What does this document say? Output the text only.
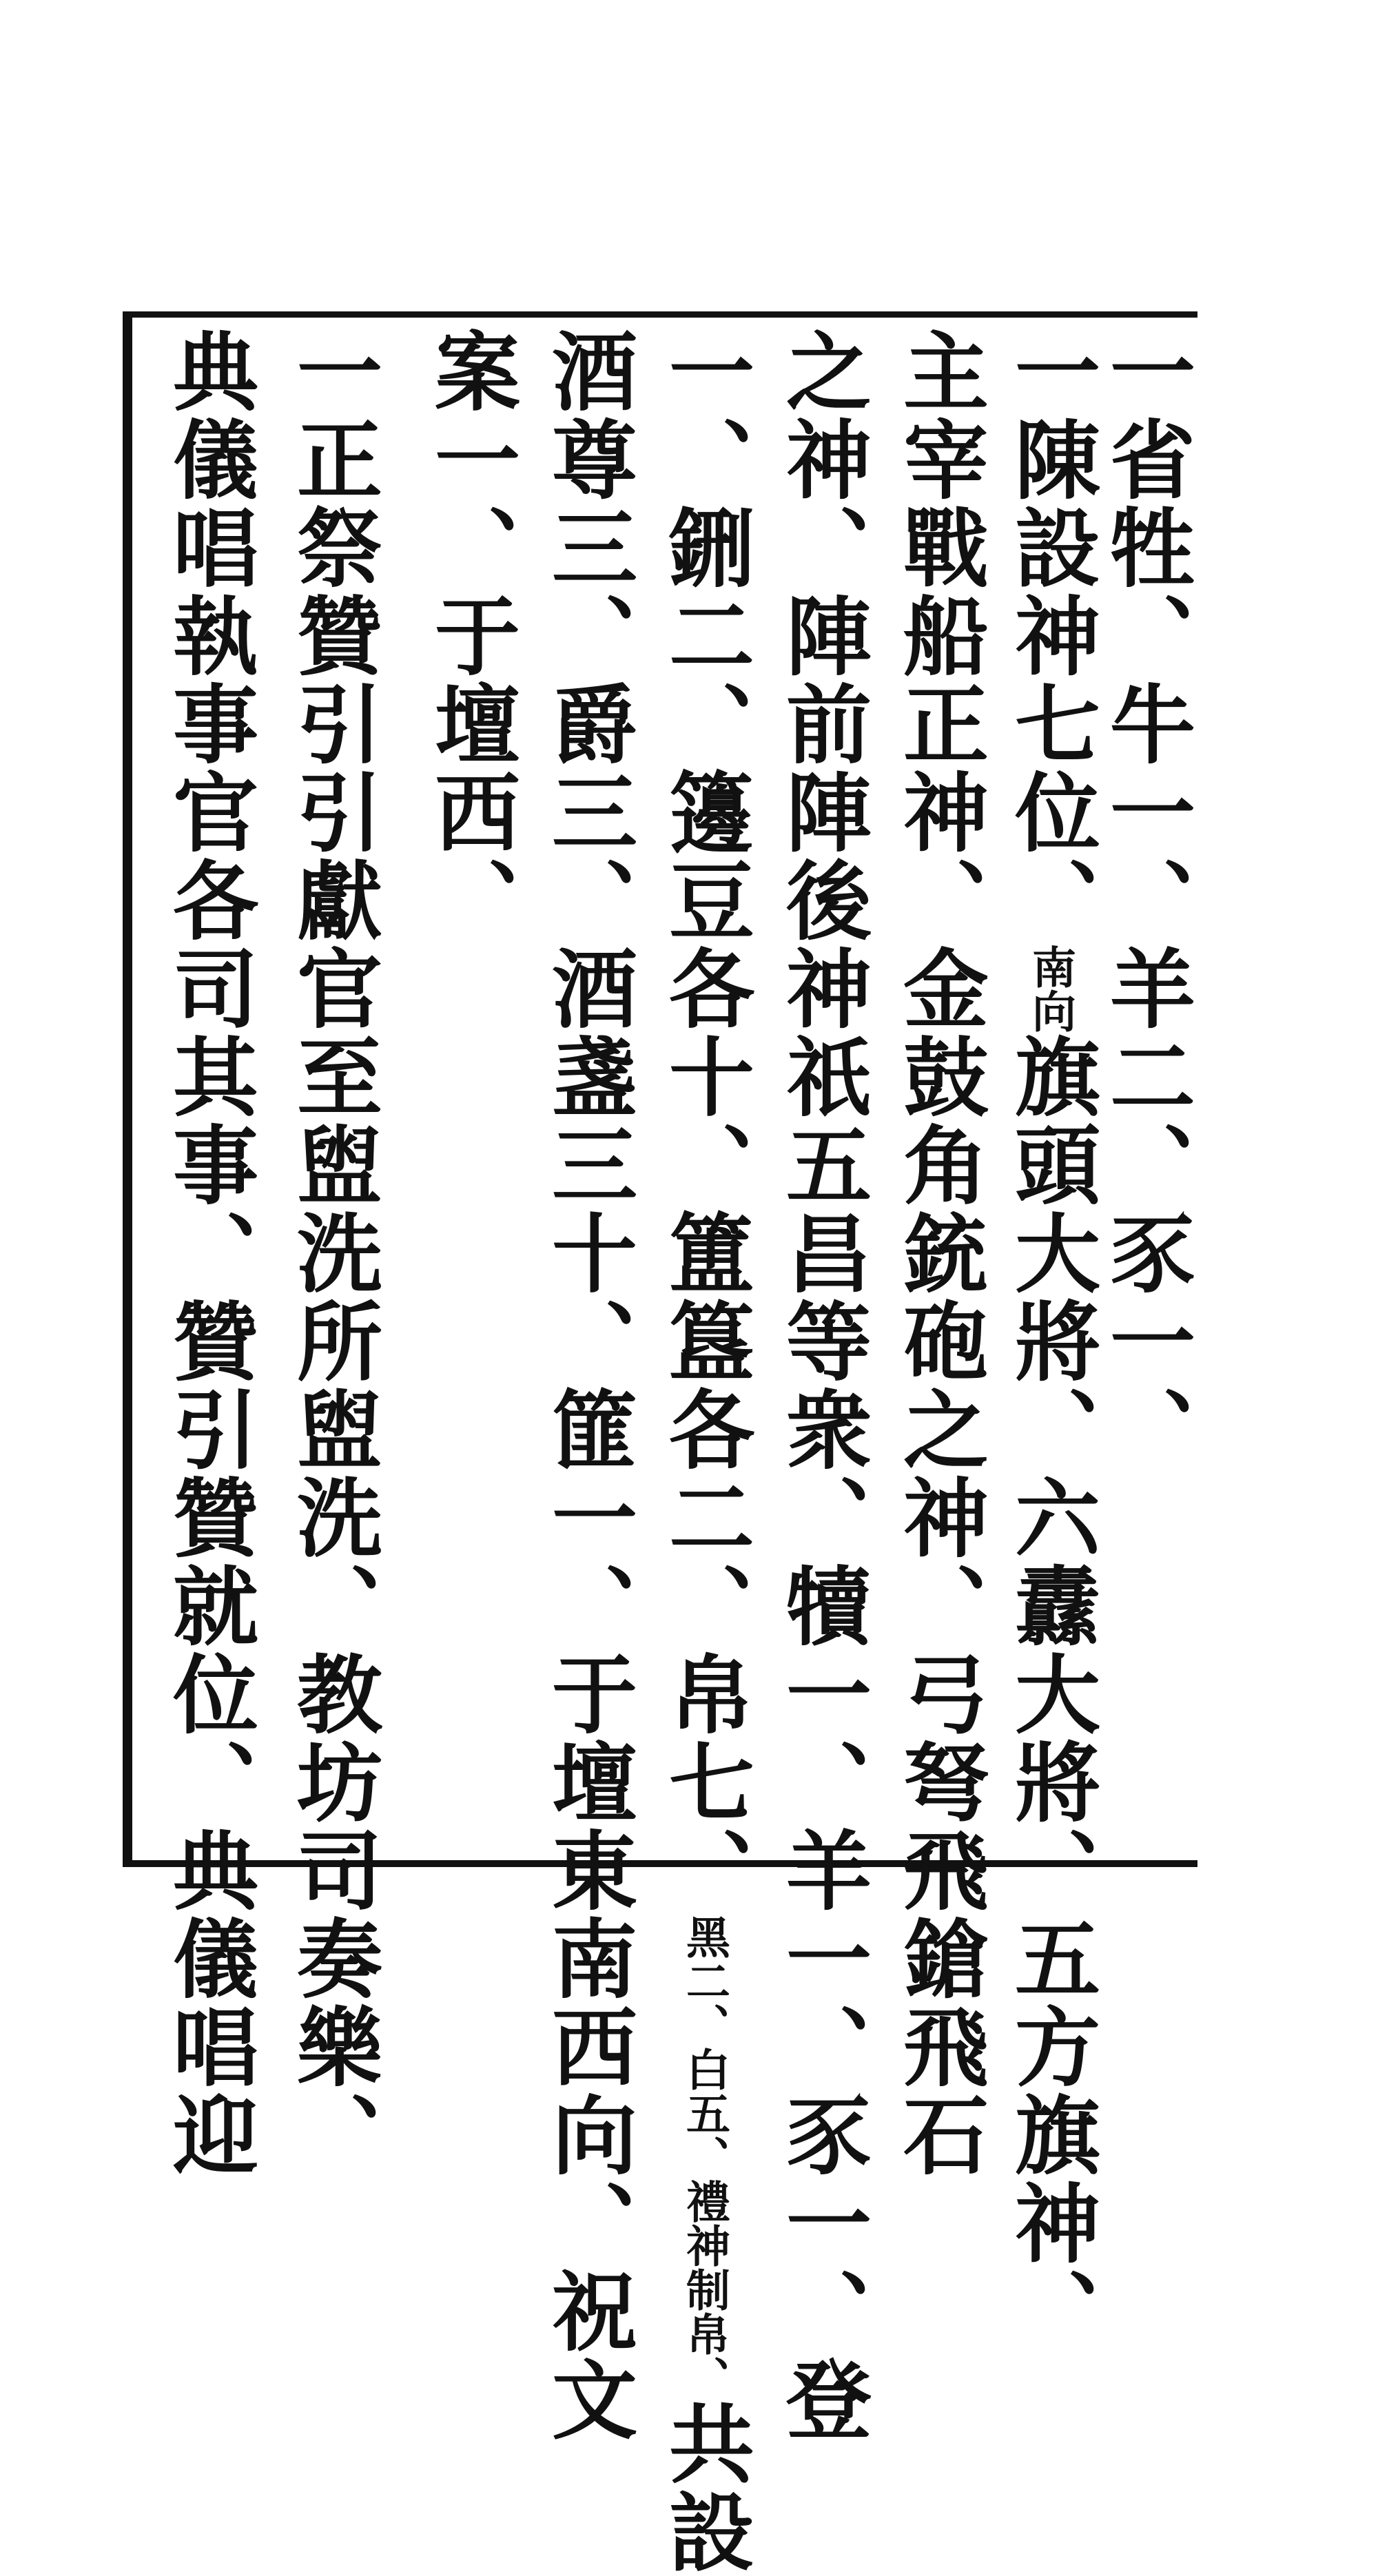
一省牲、牛一、羊二、豕一、
一陳設神七位、南向旗頭大將、六纛大將、五方旗神、
主宰戰船正神、金鼓角銃砲之神、弓弩飛鎗飛石
之神、陣前陣後神祇五昌等衆、犢一、羊一、豕一、登
一、鉶二、籩豆各十、簠簋各二、帛七、黑二、白五、禮神制帛、共設
酒尊三、爵三、酒盞三十、篚一、于壇東南西向、祝文
案一、于壇西、
一正祭贊引引獻官至盥洗所盥洗、教坊司奏樂、
典儀唱執事官各司其事、贊引贊就位、典儀唱迎
